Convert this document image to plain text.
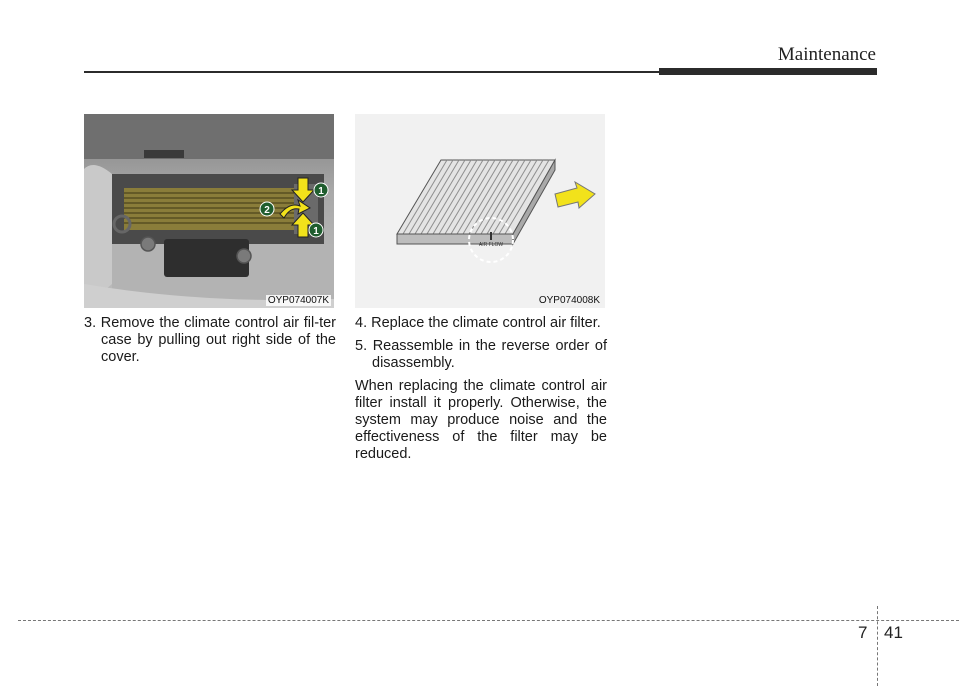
Maintenance
1
2
1
OYP074007K
AIR FLOW
OYP074008K

3. Remove the climate control air fil-ter case by pulling out right side of the cover.

4. Replace the climate control air filter.

5. Reassemble in the reverse order of disassembly.

When replacing the climate control air filter install it properly. Otherwise, the system may produce noise and the effectiveness of the filter may be reduced.

7 41
